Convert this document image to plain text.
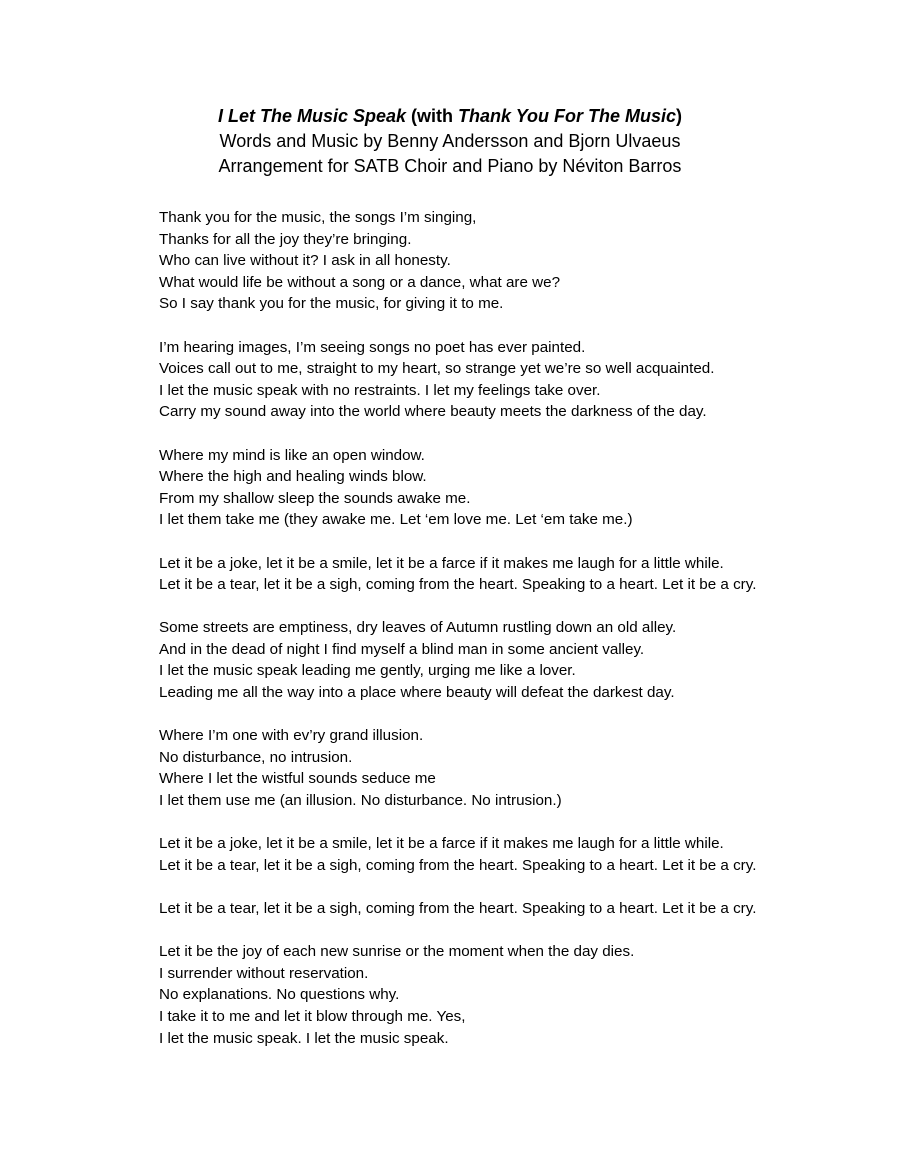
I Let The Music Speak (with Thank You For The Music)
Words and Music by Benny Andersson and Bjorn Ulvaeus
Arrangement for SATB Choir and Piano by Néviton Barros
Thank you for the music, the songs I’m singing,
Thanks for all the joy they’re bringing.
Who can live without it? I ask in all honesty.
What would life be without a song or a dance, what are we?
So I say thank you for the music, for giving it to me.
I’m hearing images, I’m seeing songs no poet has ever painted.
Voices call out to me, straight to my heart, so strange yet we’re so well acquainted.
I let the music speak with no restraints. I let my feelings take over.
Carry my sound away into the world where beauty meets the darkness of the day.
Where my mind is like an open window.
Where the high and healing winds blow.
From my shallow sleep the sounds awake me.
I let them take me (they awake me. Let ‘em love me. Let ‘em take me.)
Let it be a joke, let it be a smile, let it be a farce if it makes me laugh for a little while.
Let it be a tear, let it be a sigh, coming from the heart. Speaking to a heart. Let it be a cry.
Some streets are emptiness, dry leaves of Autumn rustling down an old alley.
And in the dead of night I find myself a blind man in some ancient valley.
I let the music speak leading me gently, urging me like a lover.
Leading me all the way into a place where beauty will defeat the darkest day.
Where I’m one with ev’ry grand illusion.
No disturbance, no intrusion.
Where I let the wistful sounds seduce me
I let them use me (an illusion. No disturbance. No intrusion.)
Let it be a joke, let it be a smile, let it be a farce if it makes me laugh for a little while.
Let it be a tear, let it be a sigh, coming from the heart. Speaking to a heart. Let it be a cry.
Let it be a tear, let it be a sigh, coming from the heart. Speaking to a heart. Let it be a cry.
Let it be the joy of each new sunrise or the moment when the day dies.
I surrender without reservation.
No explanations. No questions why.
I take it to me and let it blow through me. Yes,
I let the music speak. I let the music speak.
